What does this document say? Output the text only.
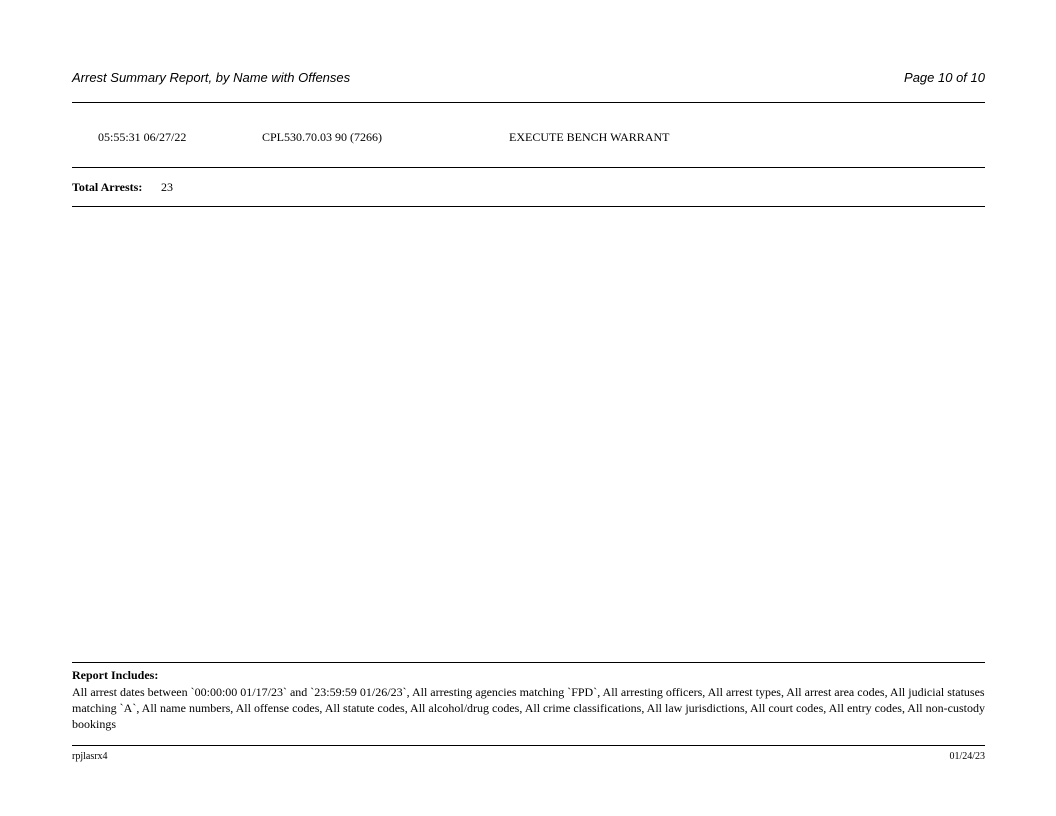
Arrest Summary Report, by Name with Offenses	Page 10 of 10
05:55:31 06/27/22	CPL530.70.03 90 (7266)	EXECUTE BENCH WARRANT
Total Arrests: 23
Report Includes:
All arrest dates between `00:00:00 01/17/23` and `23:59:59 01/26/23`, All arresting agencies matching `FPD`, All arresting officers, All arrest types, All arrest area codes, All judicial statuses matching `A`, All name numbers, All offense codes, All statute codes, All alcohol/drug codes, All crime classifications, All law jurisdictions, All court codes, All entry codes, All non-custody bookings
rpjlasrx4	01/24/23
